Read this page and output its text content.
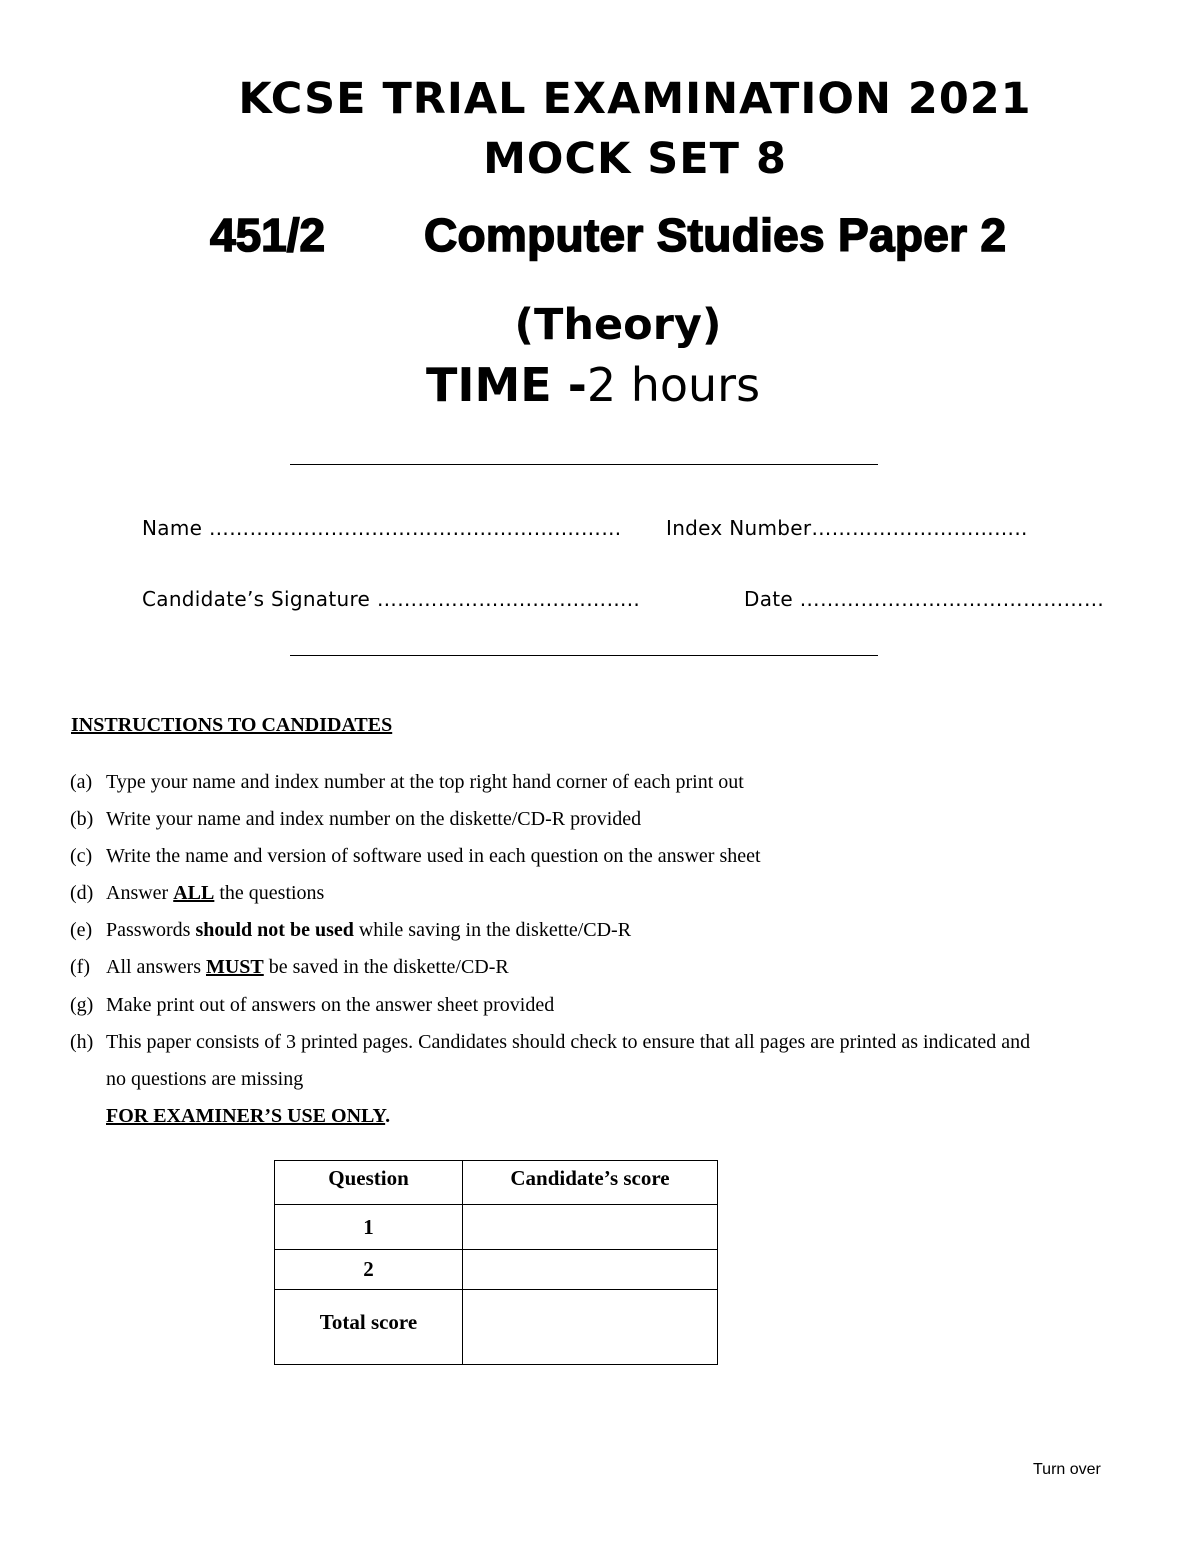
KCSE TRIAL EXAMINATION 2021
MOCK SET 8
451/2 Computer Studies Paper 2
(Theory)
TIME -2 hours
Name …………………………………………….……… Index Number…………………………..
Candidate’s Signature …………………..…..………..	Date ………………………………………
INSTRUCTIONS TO CANDIDATES
(a) Type your name and index number at the top right hand corner of each print out
(b) Write your name and index number on the diskette/CD-R provided
(c) Write the name and version of software used in each question on the answer sheet
(d) Answer ALL the questions
(e) Passwords should not be used while saving in the diskette/CD-R
(f) All answers MUST be saved in the diskette/CD-R
(g) Make print out of answers on the answer sheet provided
(h) This paper consists of 3 printed pages. Candidates should check to ensure that all pages are printed as indicated and
no questions are missing
FOR EXAMINER’S USE ONLY.
Question	Candidate’s score
1	
2	
Total score	
Turn over
